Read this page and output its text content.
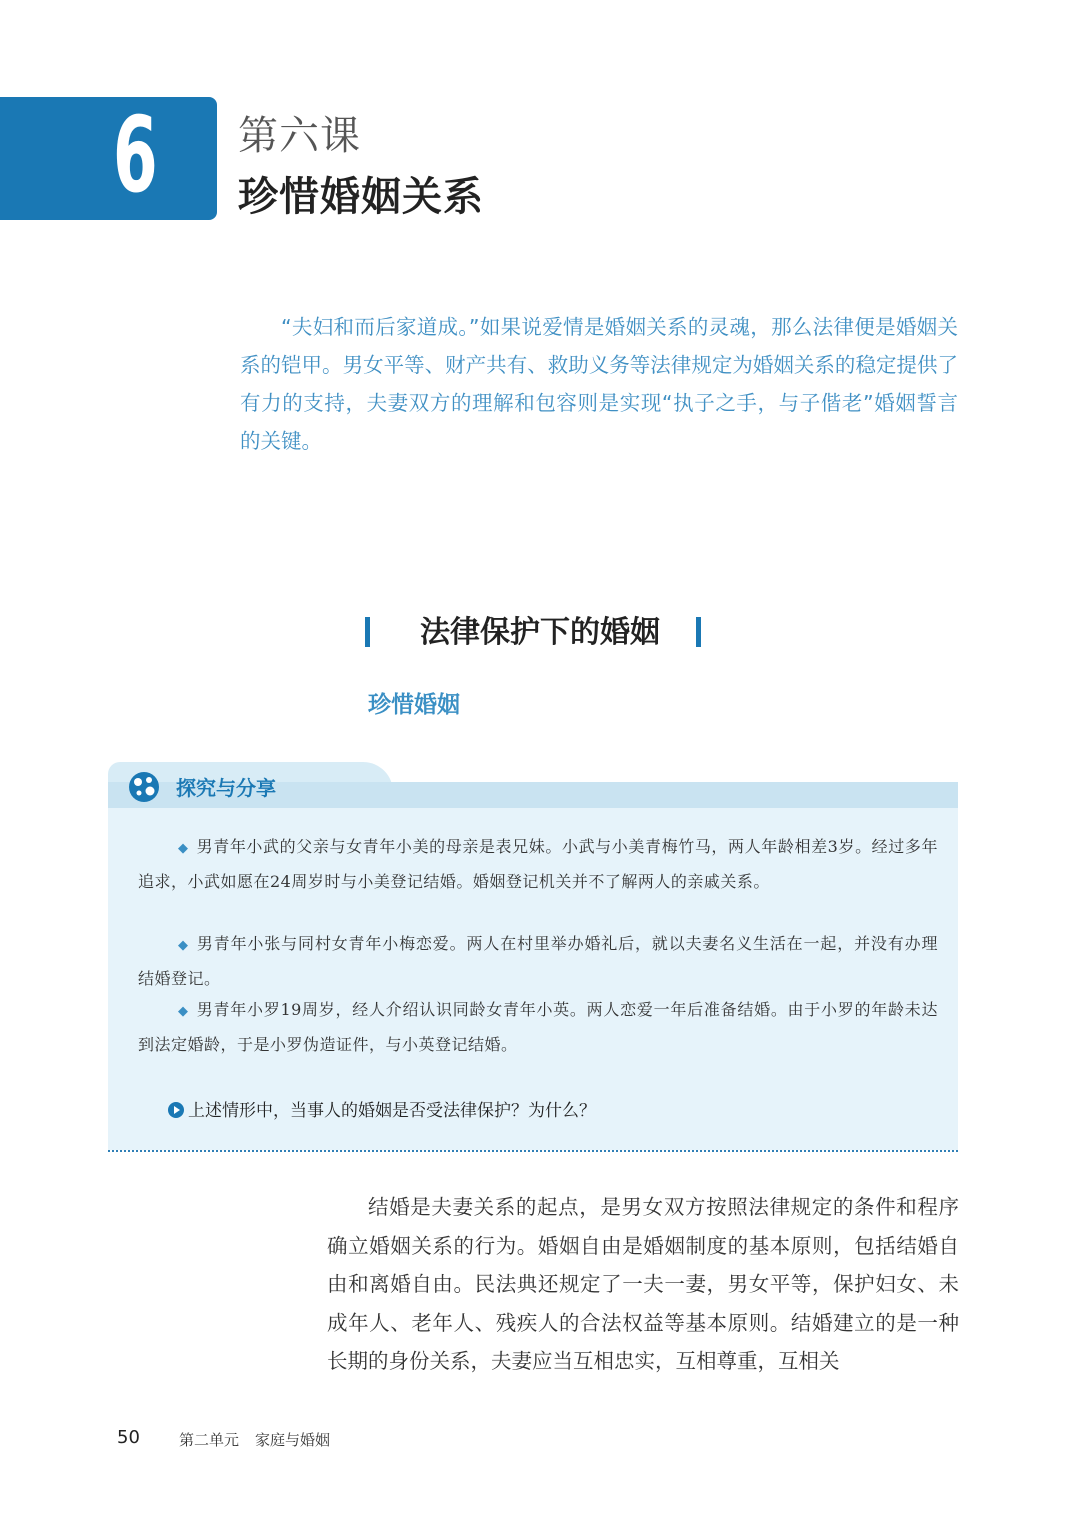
6 第六课
珍惜婚姻关系

“夫妇和而后家道成。”如果说爱情是婚姻关系的灵魂，那么法律便是婚姻关系的铠甲。男女平等、财产共有、救助义务等法律规定为婚姻关系的稳定提供了有力的支持，夫妻双方的理解和包容则是实现“执子之手，与子偕老”婚姻誓言的关键。

法律保护下的婚姻
珍惜婚姻
探究与分享
◆ 男青年小武的父亲与女青年小美的母亲是表兄妹。小武与小美青梅竹马，两人年龄相差3岁。经过多年追求，小武如愿在24周岁时与小美登记结婚。婚姻登记机关并不了解两人的亲戚关系。
◆ 男青年小张与同村女青年小梅恋爱。两人在村里举办婚礼后，就以夫妻名义生活在一起，并没有办理结婚登记。
◆ 男青年小罗19周岁，经人介绍认识同龄女青年小英。两人恋爱一年后准备结婚。由于小罗的年龄未达到法定婚龄，于是小罗伪造证件，与小英登记结婚。
上述情形中，当事人的婚姻是否受法律保护？为什么？

结婚是夫妻关系的起点，是男女双方按照法律规定的条件和程序确立婚姻关系的行为。婚姻自由是婚姻制度的基本原则，包括结婚自由和离婚自由。民法典还规定了一夫一妻，男女平等，保护妇女、未成年人、老年人、残疾人的合法权益等基本原则。结婚建立的是一种长期的身份关系，夫妻应当互相忠实，互相尊重，互相关

50	第二单元 家庭与婚姻
